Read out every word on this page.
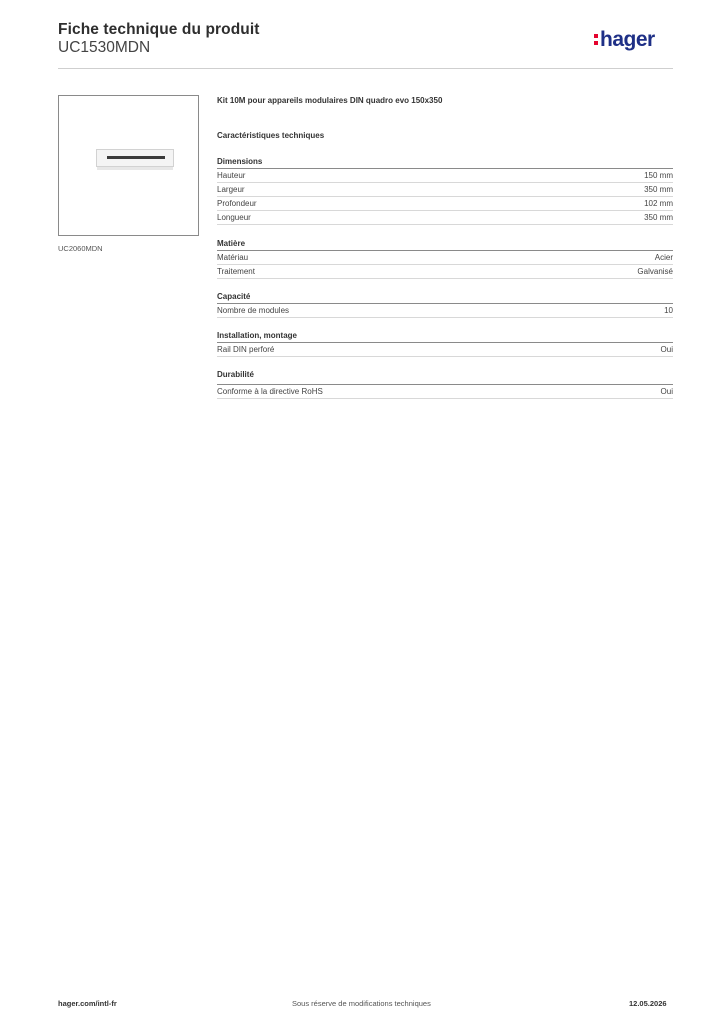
Fiche technique du produit
UC1530MDN	hager
UC2060MDN
Kit 10M pour appareils modulaires DIN quadro evo 150x350
Caractéristiques techniques
Dimensions
Hauteur	150 mm
Largeur	350 mm
Profondeur	102 mm
Longueur	350 mm
Matière
Matériau	Acier
Traitement	Galvanisé
Capacité
Nombre de modules	10
Installation, montage
Rail DIN perforé	Oui
Durabilité
Conforme à la directive RoHS	Oui
hager.com/intl-fr	Sous réserve de modifications techniques	12.05.2026
